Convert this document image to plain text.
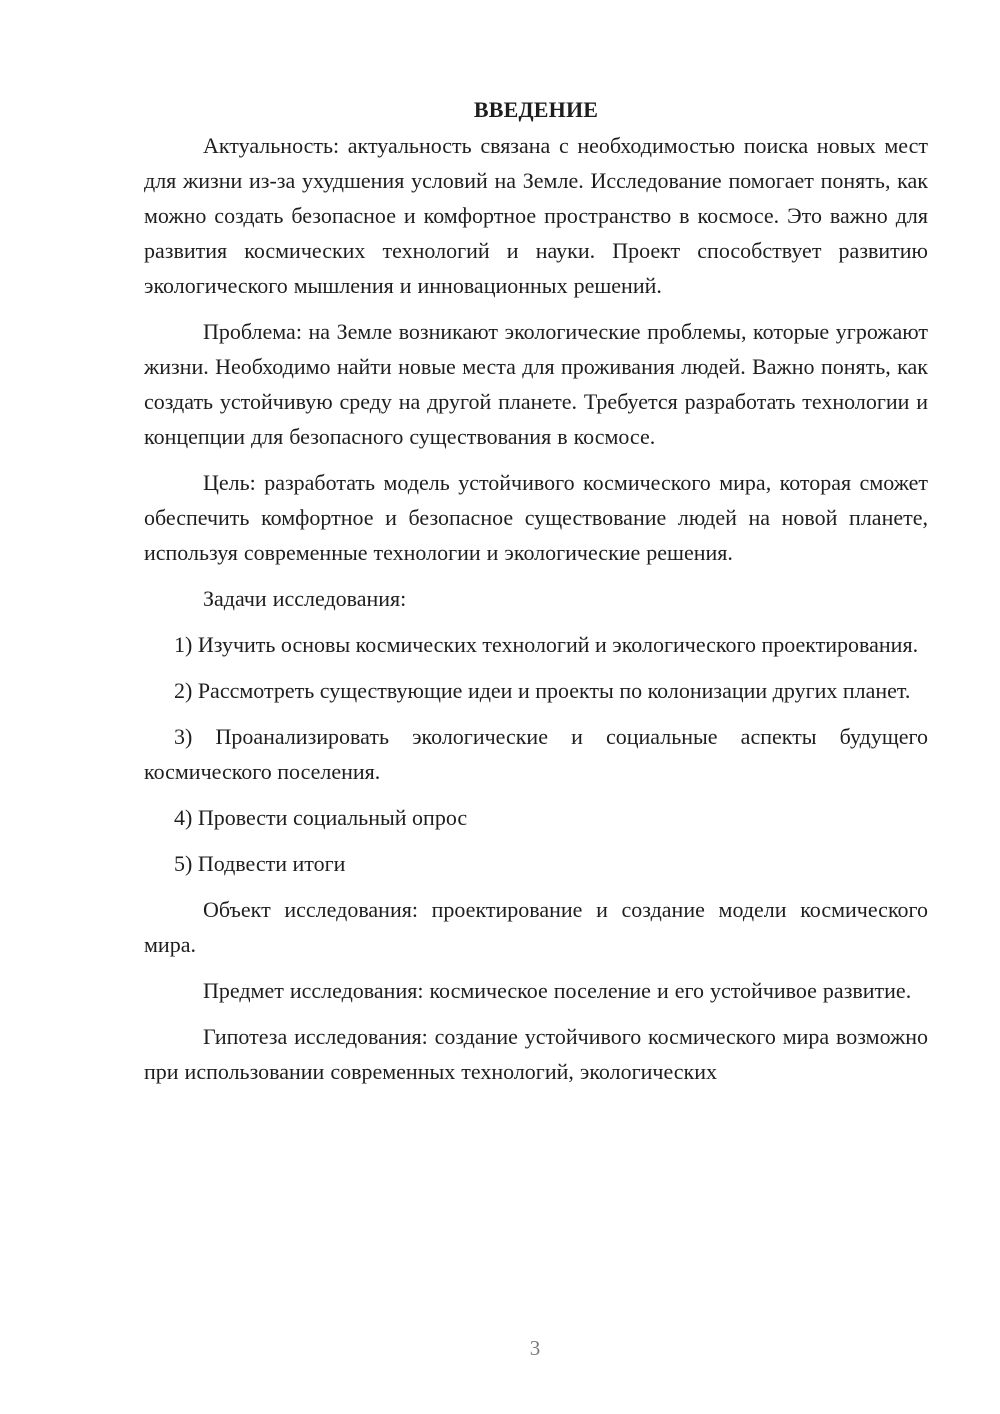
ВВЕДЕНИЕ

Актуальность: актуальность связана с необходимостью поиска новых мест для жизни из-за ухудшения условий на Земле. Исследование помогает понять, как можно создать безопасное и комфортное пространство в космосе. Это важно для развития космических технологий и науки. Проект способствует развитию экологического мышления и инновационных решений.

Проблема: на Земле возникают экологические проблемы, которые угрожают жизни. Необходимо найти новые места для проживания людей. Важно понять, как создать устойчивую среду на другой планете. Требуется разработать технологии и концепции для безопасного существования в космосе.

Цель: разработать модель устойчивого космического мира, которая сможет обеспечить комфортное и безопасное существование людей на новой планете, используя современные технологии и экологические решения.

Задачи исследования:

1) Изучить основы космических технологий и экологического проектирования.

2) Рассмотреть существующие идеи и проекты по колонизации других планет.

3) Проанализировать экологические и социальные аспекты будущего космического поселения.

4) Провести социальный опрос

5) Подвести итоги

Объект исследования: проектирование и создание модели космического мира.

Предмет исследования: космическое поселение и его устойчивое развитие.

Гипотеза исследования: создание устойчивого космического мира возможно при использовании современных технологий, экологических

3
